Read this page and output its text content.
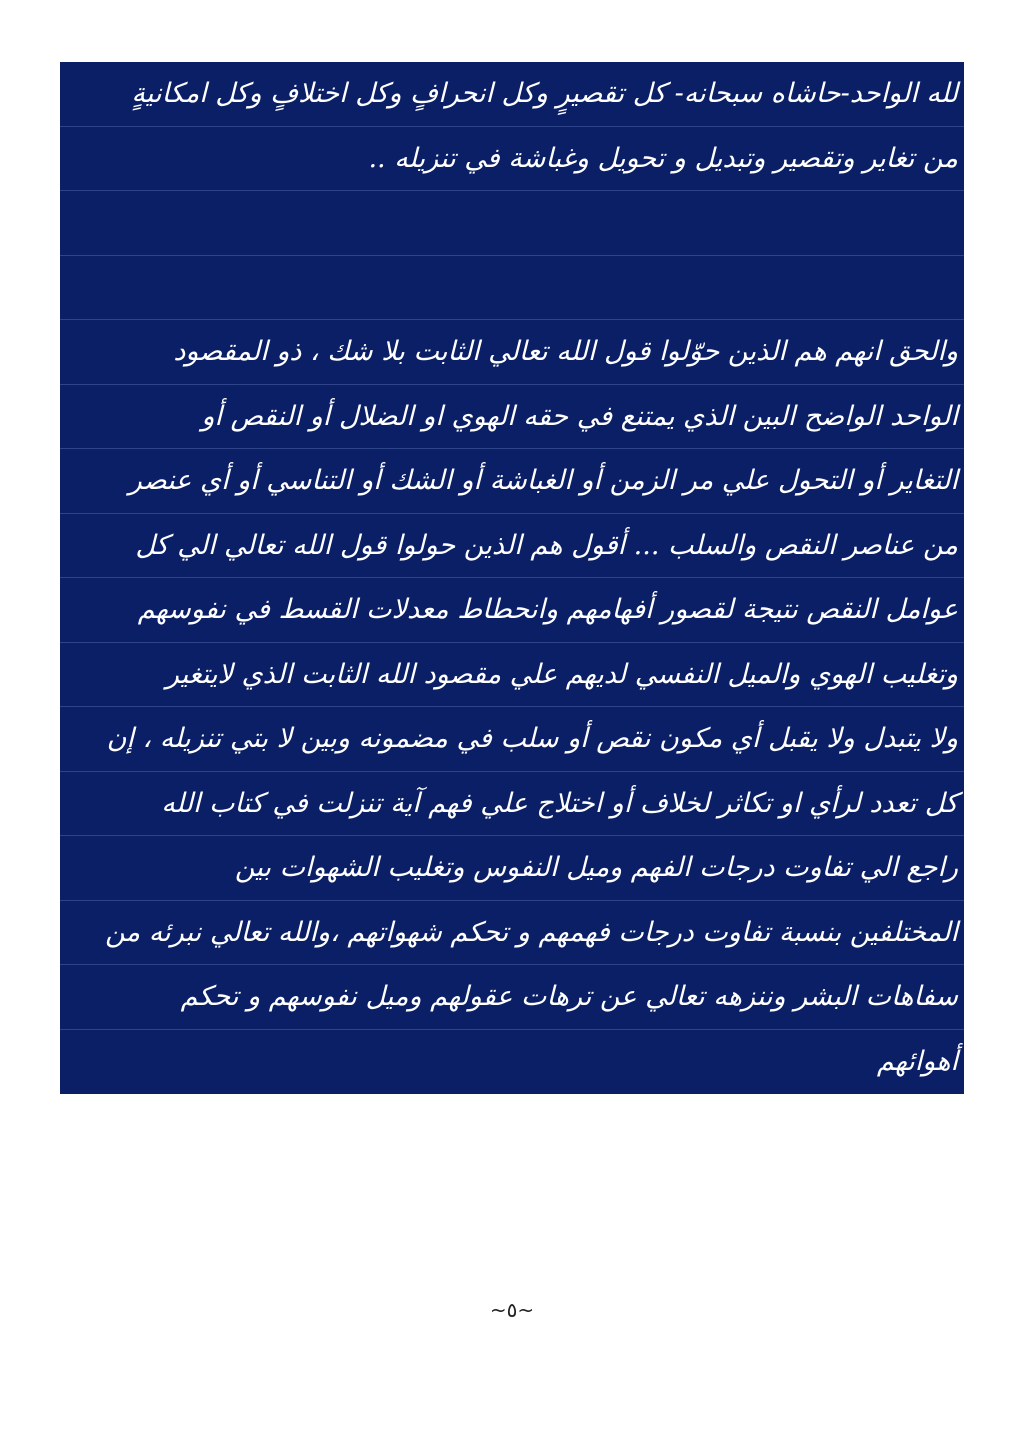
لله الواحد-حاشاه سبحانه- كل تقصيرٍ وكل انحرافٍ وكل اختلافٍ وكل امكانيةٍ
من تغاير وتقصير وتبديل و تحويل وغباشة في تنزيله ..
والحق انهم هم الذين حوّلوا قول الله تعالي الثابت بلا شك ، ذو المقصود
الواحد الواضح البين الذي يمتنع في حقه الهوي او الضلال أو النقص أو
التغاير أو التحول علي مر الزمن أو الغباشة أو الشك أو التناسي أو أي عنصر
من عناصر النقص والسلب ... أقول هم الذين حولوا قول الله تعالي الي كل
عوامل النقص نتيجة لقصور أفهامهم وانحطاط معدلات القسط في نفوسهم
وتغليب الهوي والميل النفسي لديهم علي مقصود الله الثابت الذي لايتغير
ولا يتبدل ولا يقبل أي مكون نقص أو سلب في مضمونه وبين لا بتي تنزيله ، إن
كل تعدد لرأي او تكاثر لخلاف أو اختلاج علي فهم آية تنزلت في كتاب الله
راجع الي تفاوت درجات الفهم وميل النفوس وتغليب الشهوات بين
المختلفين بنسبة تفاوت درجات فهمهم و تحكم شهواتهم ،والله تعالي نبرئه من
سفاهات البشر وننزهه تعالي عن ترهات عقولهم وميل نفوسهم و تحكم
أهوائهم
~٥~
